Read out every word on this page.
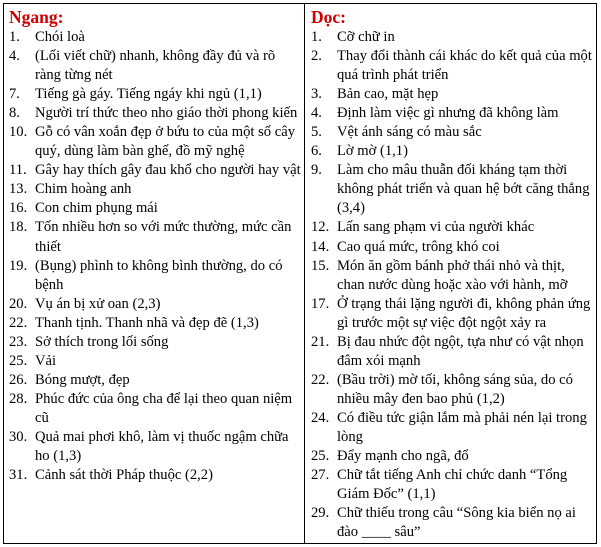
Ngang:
1. Chói loà
4. (Lối viết chữ) nhanh, không đầy đủ và rõ ràng từng nét
7. Tiếng gà gáy. Tiếng ngáy khi ngủ (1,1)
8. Người trí thức theo nho giáo thời phong kiến
10. Gỗ có vân xoắn đẹp ở bứu to của một số cây quý, dùng làm bàn ghế, đồ mỹ nghệ
11. Gây hay thích gây đau khổ cho người hay vật
13. Chim hoàng anh
16. Con chim phụng mái
18. Tốn nhiều hơn so với mức thường, mức cần thiết
19. (Bụng) phình to không bình thường, do có bệnh
20. Vụ án bị xử oan (2,3)
22. Thanh tịnh. Thanh nhã và đẹp đẽ (1,3)
23. Sở thích trong lối sống
25. Vải
26. Bóng mượt, đẹp
28. Phúc đức của ông cha để lại theo quan niệm cũ
30. Quả mai phơi khô, làm vị thuốc ngậm chữa ho (1,3)
31. Cảnh sát thời Pháp thuộc (2,2)
Dọc:
1. Cỡ chữ in
2. Thay đổi thành cái khác do kết quả của một quá trình phát triển
3. Bản cao, mặt hẹp
4. Định làm việc gì nhưng đã không làm
5. Vệt ánh sáng có màu sắc
6. Lờ mờ (1,1)
9. Làm cho mâu thuẫn đối kháng tạm thời không phát triển và quan hệ bớt căng thẳng (3,4)
12. Lấn sang phạm vi của người khác
14. Cao quá mức, trông khó coi
15. Món ăn gồm bánh phở thái nhỏ và thịt, chan nước dùng hoặc xào với hành, mỡ
17. Ở trạng thái lặng người đi, không phản ứng gì trước một sự việc đột ngột xảy ra
21. Bị đau nhức đột ngột, tựa như có vật nhọn
đâm xói mạnh
22. (Bầu trời) mờ tối, không sáng sủa, do có nhiều mây đen bao phủ (1,2)
24. Có điều tức giận lắm mà phải nén lại trong lòng
25. Đẩy mạnh cho ngã, đổ
27. Chữ tắt tiếng Anh chỉ chức danh “Tổng Giám Đốc” (1,1)
29. Chữ thiếu trong câu “Sông kia biển nọ ai đào ____ sâu”
